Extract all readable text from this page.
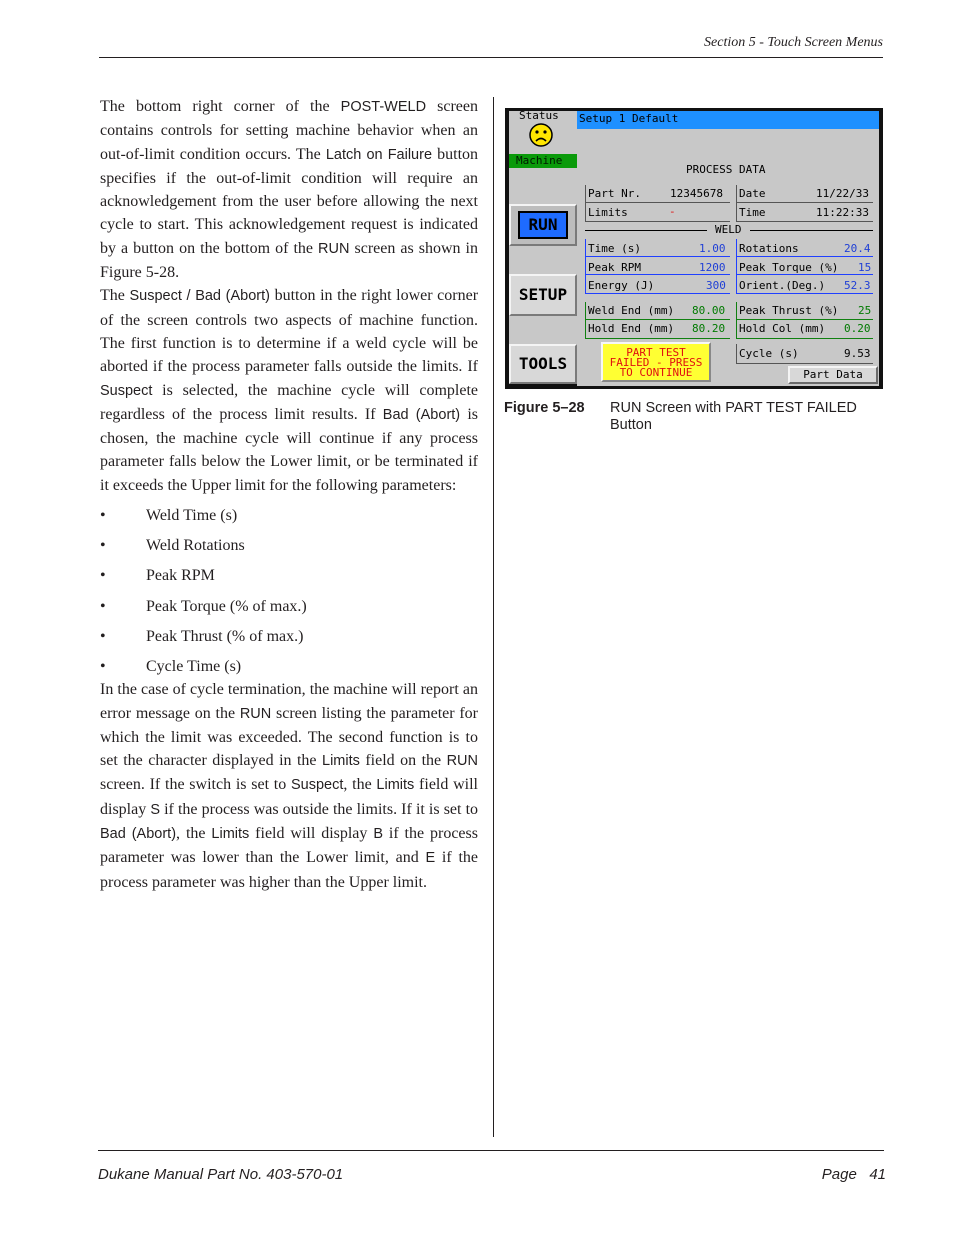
Section 5 - Touch Screen Menus

The bottom right corner of the POST-WELD screen contains controls for setting machine behavior when an out-of-limit condition occurs. The Latch on Failure button specifies if the out-of-limit condition will require an acknowledgement from the user before allowing the next cycle to start. This acknowledgement request is indicated by a button on the bottom of the RUN screen as shown in Figure 5-28.

The Suspect / Bad (Abort) button in the right lower corner of the screen controls two aspects of machine function. The first function is to determine if a weld cycle will be aborted if the process parameter falls outside the limits. If Suspect is selected, the machine cycle will complete regardless of the process limit results. If Bad (Abort) is chosen, the machine cycle will continue if any process parameter falls below the Lower limit, or be terminated if it exceeds the Upper limit for the following parameters:

•	Weld Time (s)
•	Weld Rotations
•	Peak RPM
•	Peak Torque (% of max.)
•	Peak Thrust (% of max.)
•	Cycle Time (s)

In the case of cycle termination, the machine will report an error message on the RUN screen listing the parameter for which the limit was exceeded. The second function is to set the character displayed in the Limits field on the RUN screen. If the switch is set to Suspect, the Limits field will display S if the process was outside the limits. If it is set to Bad (Abort), the Limits field will display B if the process parameter was lower than the Lower limit, and E if the process parameter was higher than the Upper limit.

Status
Machine
RUN
SETUP
TOOLS
Setup 1 Default
PROCESS DATA
Part Nr.	12345678
Limits	-
Date	11/22/33
Time	11:22:33
WELD
Time (s)	1.00
Peak RPM	1200
Energy (J)	300
Rotations	20.4
Peak Torque (%) 15
Orient.(Deg.) 52.3
Weld End (mm) 80.00
Hold End (mm) 80.20
Peak Thrust (%) 25
Hold Col (mm) 0.20
PART TEST
FAILED - PRESS
TO CONTINUE
Cycle (s)	9.53
Part Data
Figure 5–28 RUN Screen with PART TEST FAILED Button
Dukane Manual Part No. 403-570-01	Page 41
